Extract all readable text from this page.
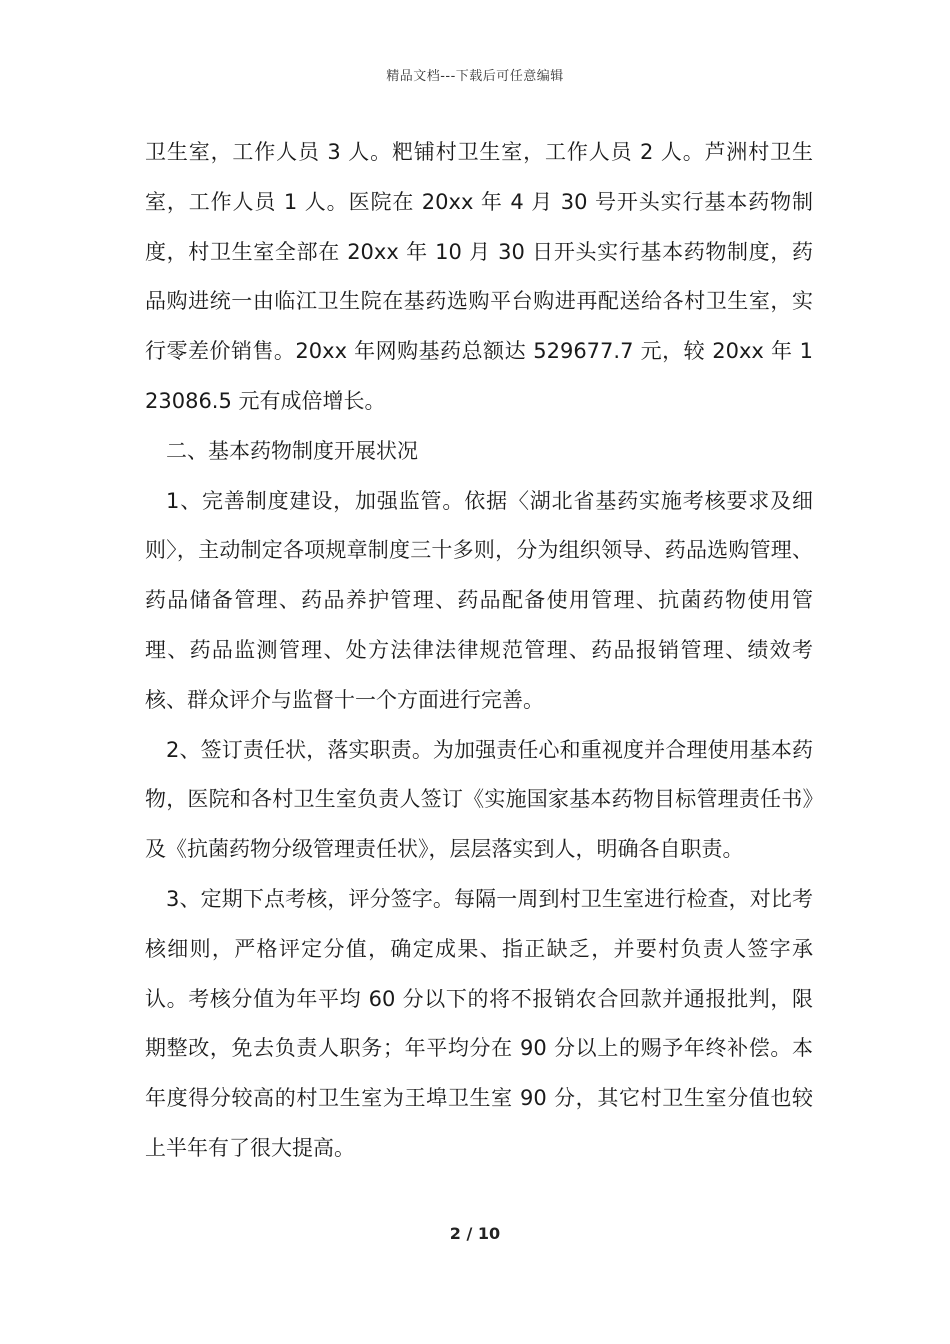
精品文档---下载后可任意编辑

卫生室，工作人员 3 人。粑铺村卫生室，工作人员 2 人。芦洲村卫生室，工作人员 1 人。医院在 20xx 年 4 月 30 号开头实行基本药物制度，村卫生室全部在 20xx 年 10 月 30 日开头实行基本药物制度，药品购进统一由临江卫生院在基药选购平台购进再配送给各村卫生室，实行零差价销售。20xx 年网购基药总额达 529677.7 元，较 20xx 年 123086.5 元有成倍增长。

二、基本药物制度开展状况

1、完善制度建设，加强监管。依据〈湖北省基药实施考核要求及细则〉，主动制定各项规章制度三十多则，分为组织领导、药品选购管理、药品储备管理、药品养护管理、药品配备使用管理、抗菌药物使用管理、药品监测管理、处方法律法律规范管理、药品报销管理、绩效考核、群众评介与监督十一个方面进行完善。

2、签订责任状，落实职责。为加强责任心和重视度并合理使用基本药物，医院和各村卫生室负责人签订《实施国家基本药物目标管理责任书》及《抗菌药物分级管理责任状》，层层落实到人，明确各自职责。

3、定期下点考核，评分签字。每隔一周到村卫生室进行检查，对比考核细则，严格评定分值，确定成果、指正缺乏，并要村负责人签字承认。考核分值为年平均 60 分以下的将不报销农合回款并通报批判，限期整改，免去负责人职务；年平均分在 90 分以上的赐予年终补偿。本年度得分较高的村卫生室为王埠卫生室 90 分，其它村卫生室分值也较上半年有了很大提高。

2 / 10
